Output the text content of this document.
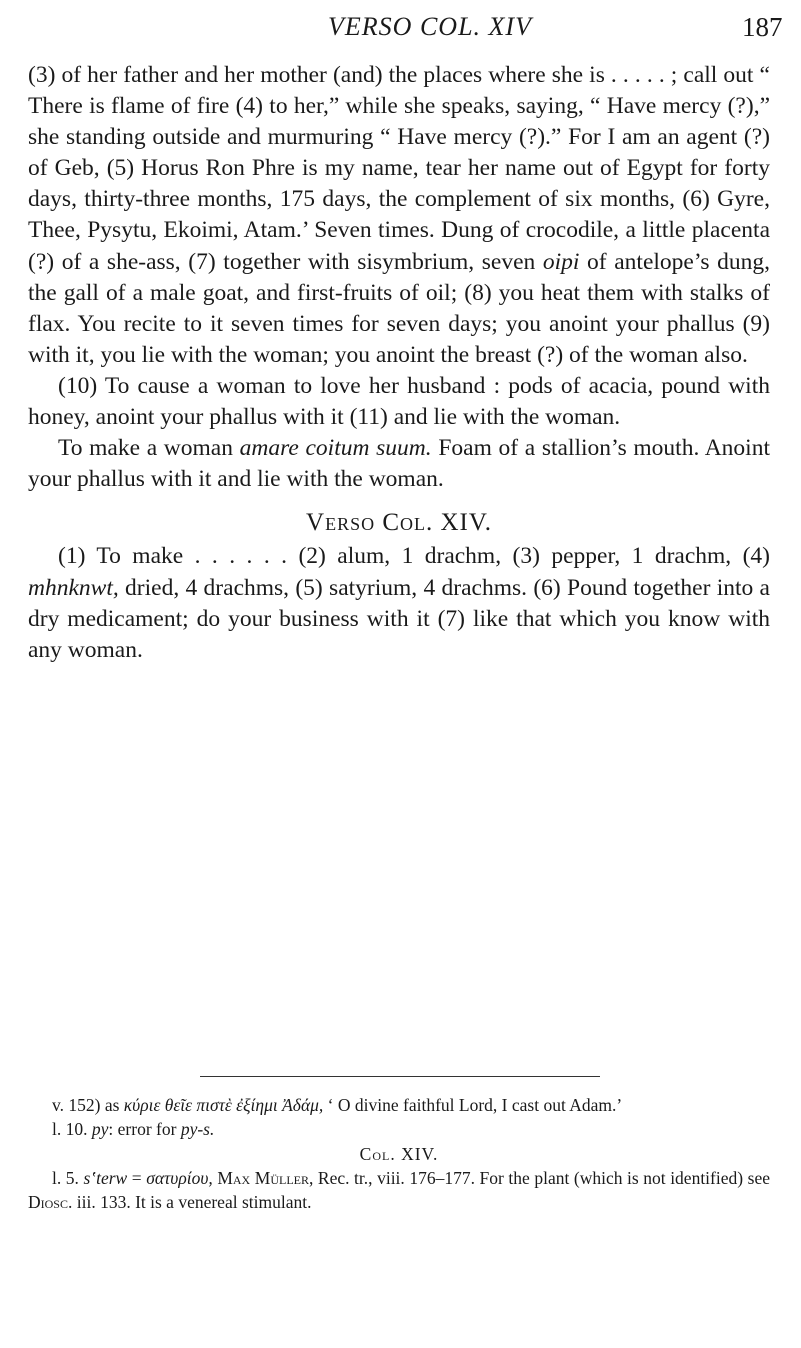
VERSO COL. XIV	187

(3) of her father and her mother (and) the places where she is . . . . . ; call out “ There is flame of fire (4) to her,” while she speaks, saying, “ Have mercy (?),” she standing outside and murmuring “ Have mercy (?).” For I am an agent (?) of Geb, (5) Horus Ron Phre is my name, tear her name out of Egypt for forty days, thirty-three months, 175 days, the complement of six months, (6) Gyre, Thee, Pysytu, Ekoimi, Atam.’ Seven times. Dung of crocodile, a little placenta (?) of a she-ass, (7) together with sisymbrium, seven oipi of antelope’s dung, the gall of a male goat, and first-fruits of oil; (8) you heat them with stalks of flax. You recite to it seven times for seven days; you anoint your phallus (9) with it, you lie with the woman; you anoint the breast (?) of the woman also.

(10) To cause a woman to love her husband : pods of acacia, pound with honey, anoint your phallus with it (11) and lie with the woman.

To make a woman amare coitum suum. Foam of a stallion’s mouth. Anoint your phallus with it and lie with the woman.

Verso Col. XIV.

(1) To make . . . . . . (2) alum, 1 drachm, (3) pepper, 1 drachm, (4) mhnknwt, dried, 4 drachms, (5) satyrium, 4 drachms. (6) Pound together into a dry medicament; do your business with it (7) like that which you know with any woman.

v. 152) as κύριε θεῖε πιστὲ ἐξίημι Ἀδάμ, ‘ O divine faithful Lord, I cast out Adam.’

l. 10. py: error for py-s.

Col. XIV.

l. 5. sʽterw = σατυρίου, Max Müller, Rec. tr., viii. 176–177. For the plant (which is not identified) see Diosc. iii. 133. It is a venereal stimulant.
